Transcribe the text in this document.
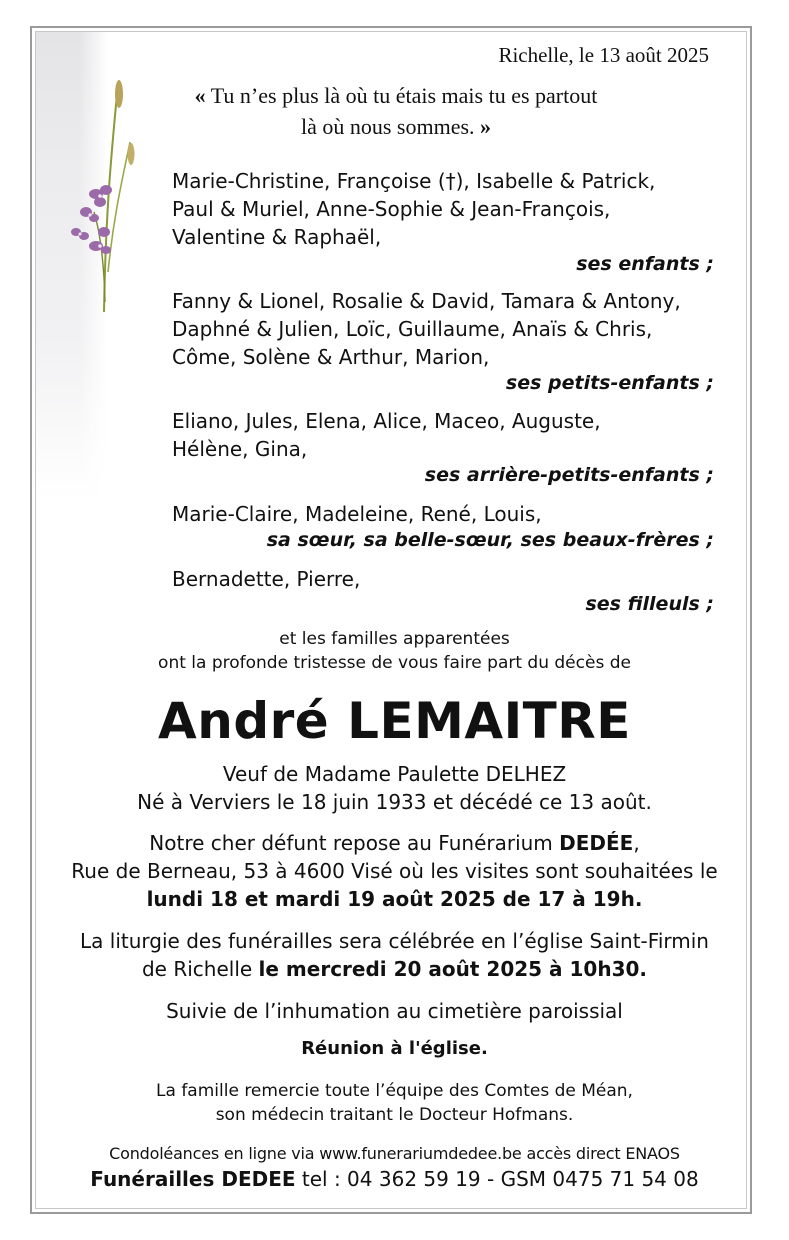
Richelle, le 13 août 2025
« Tu n’es plus là où tu étais mais tu es partout
là où nous sommes. »
Marie-Christine, Françoise (†), Isabelle & Patrick,
Paul & Muriel, Anne-Sophie & Jean-François,
Valentine & Raphaël,
ses enfants ;
Fanny & Lionel, Rosalie & David, Tamara & Antony,
Daphné & Julien, Loïc, Guillaume, Anaïs & Chris,
Côme, Solène & Arthur, Marion,
ses petits-enfants ;
Eliano, Jules, Elena, Alice, Maceo, Auguste,
Hélène, Gina,
ses arrière-petits-enfants ;
Marie-Claire, Madeleine, René, Louis,
sa sœur, sa belle-sœur, ses beaux-frères ;
Bernadette, Pierre,
ses filleuls ;
et les familles apparentées
ont la profonde tristesse de vous faire part du décès de
André LEMAITRE
Veuf de Madame Paulette DELHEZ
Né à Verviers le 18 juin 1933 et décédé ce 13 août.
Notre cher défunt repose au Funérarium DEDÉE,
Rue de Berneau, 53 à 4600 Visé où les visites sont souhaitées le
lundi 18 et mardi 19 août 2025 de 17 à 19h.
La liturgie des funérailles sera célébrée en l’église Saint-Firmin
de Richelle le mercredi 20 août 2025 à 10h30.
Suivie de l’inhumation au cimetière paroissial
Réunion à l'église.
La famille remercie toute l’équipe des Comtes de Méan,
son médecin traitant le Docteur Hofmans.
Condoléances en ligne via www.funerariumdedee.be accès direct ENAOS
Funérailles DEDEE tel : 04 362 59 19 - GSM 0475 71 54 08
